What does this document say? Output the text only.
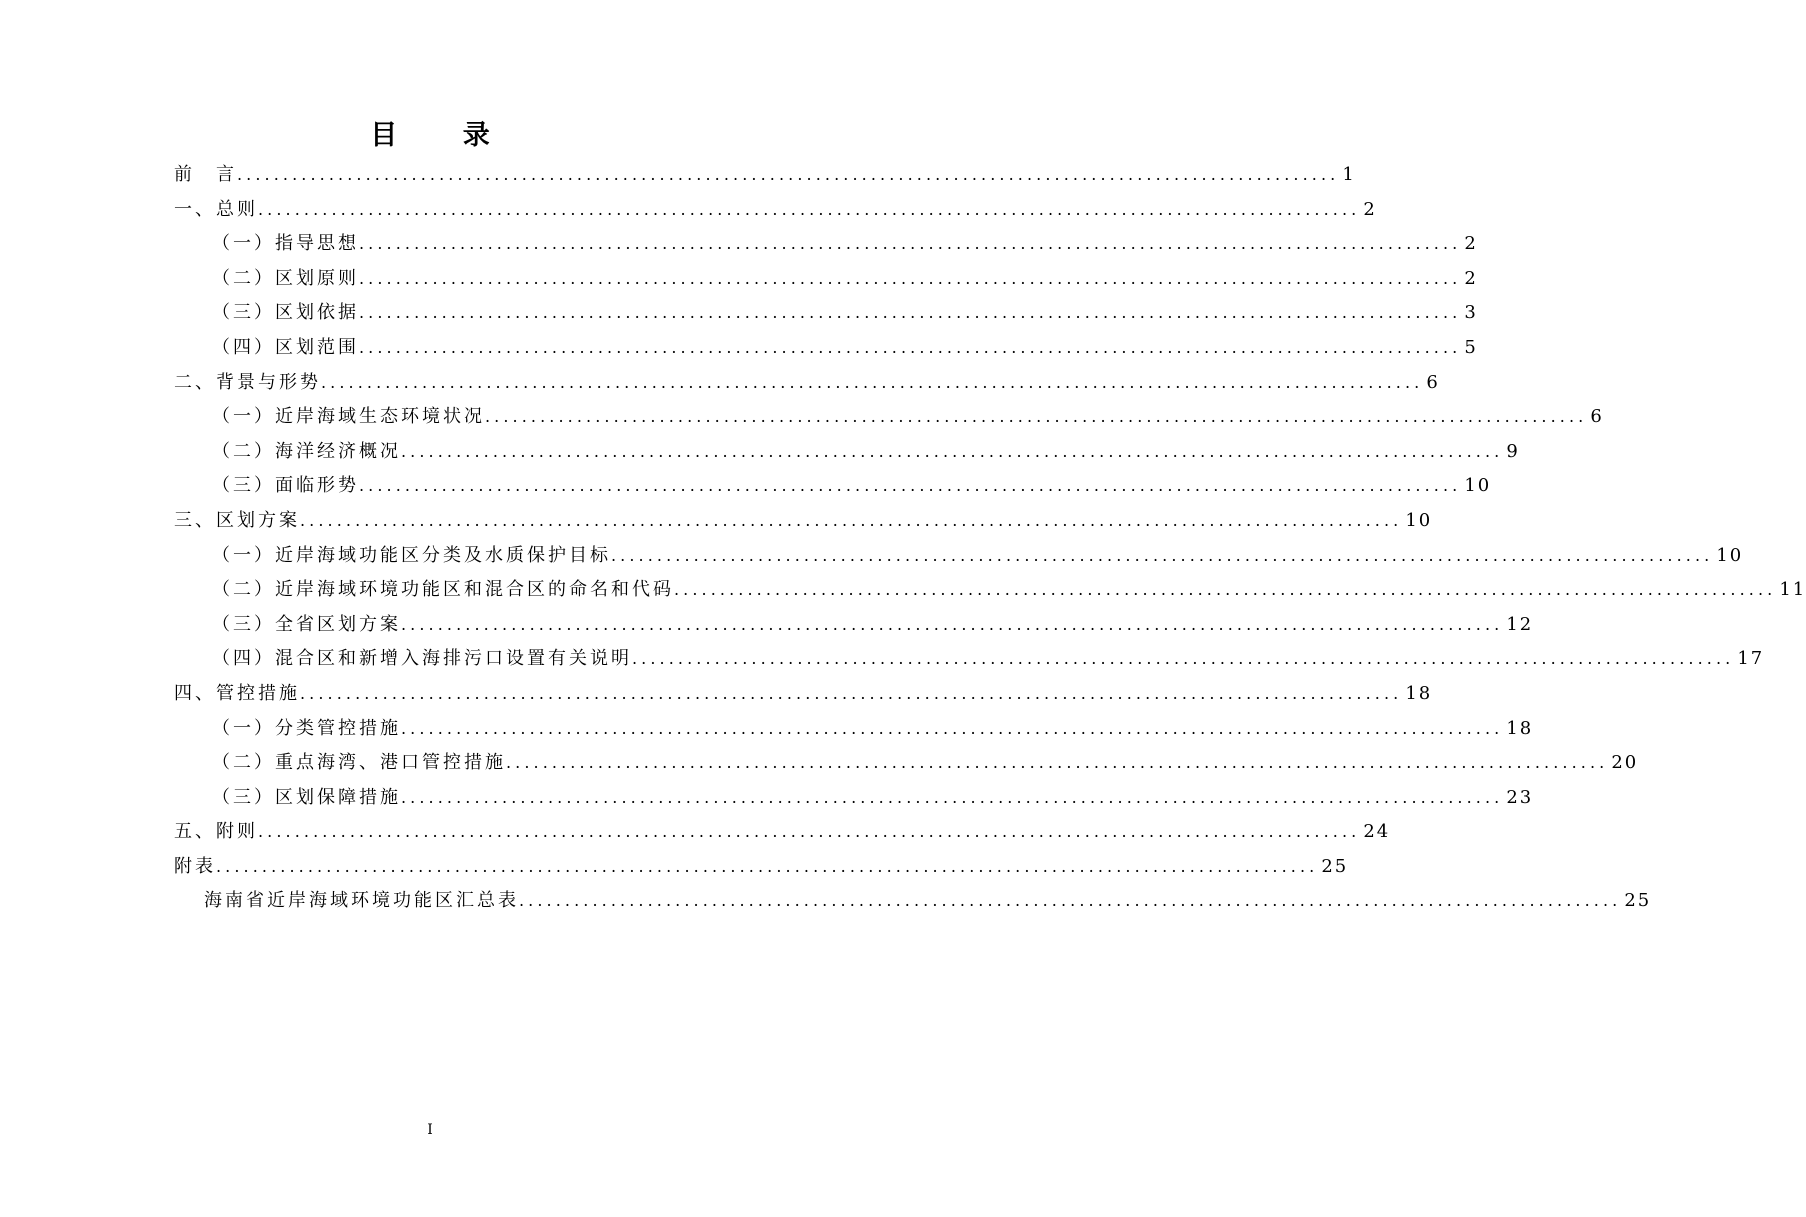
目 录
前　言 ........................................................................................................................ 1
一、总则 ........................................................................................................................ 2
（一）指导思想 ........................................................................................................................ 2
（二）区划原则 ........................................................................................................................ 2
（三）区划依据 ........................................................................................................................ 3
（四）区划范围 ........................................................................................................................ 5
二、背景与形势 ........................................................................................................................ 6
（一）近岸海域生态环境状况 ........................................................................................................................ 6
（二）海洋经济概况 ........................................................................................................................ 9
（三）面临形势 ........................................................................................................................ 10
三、区划方案 ........................................................................................................................ 10
（一）近岸海域功能区分类及水质保护目标 ........................................................................................................................ 10
（二）近岸海域环境功能区和混合区的命名和代码 ........................................................................................................................ 11
（三）全省区划方案 ........................................................................................................................ 12
（四）混合区和新增入海排污口设置有关说明 ........................................................................................................................ 17
四、管控措施 ........................................................................................................................ 18
（一）分类管控措施 ........................................................................................................................ 18
（二）重点海湾、港口管控措施 ........................................................................................................................ 20
（三）区划保障措施 ........................................................................................................................ 23
五、附则 ........................................................................................................................ 24
附表 ........................................................................................................................ 25
海南省近岸海域环境功能区汇总表 ........................................................................................................................ 25
I
